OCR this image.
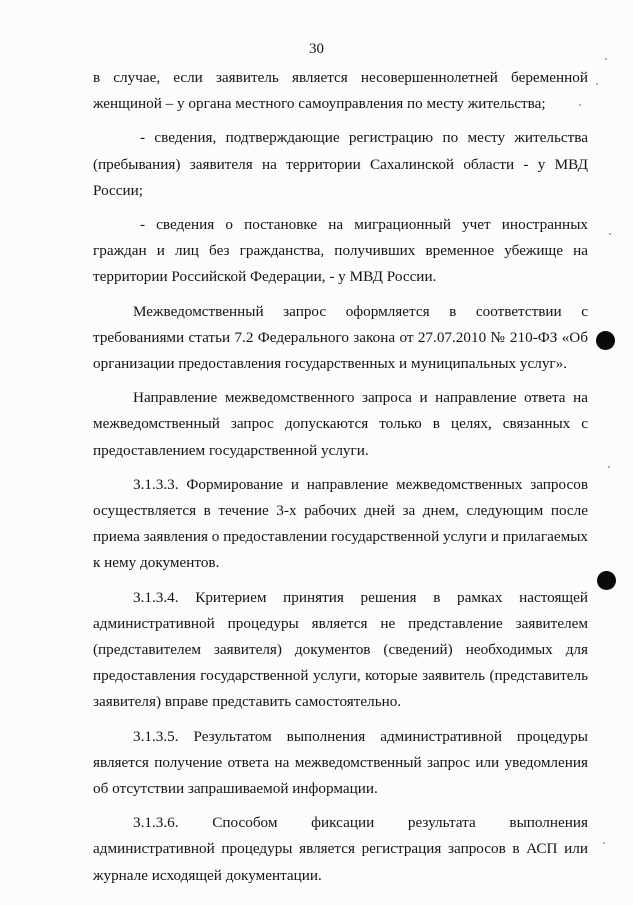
30

в случае, если заявитель является несовершеннолетней беременной женщиной – у органа местного самоуправления по месту жительства;

- сведения, подтверждающие регистрацию по месту жительства (пребывания) заявителя на территории Сахалинской области - у МВД России;

- сведения о постановке на миграционный учет иностранных граждан и лиц без гражданства, получивших временное убежище на территории Российской Федерации, - у МВД России.

Межведомственный запрос оформляется в соответствии с требованиями статьи 7.2 Федерального закона от 27.07.2010 № 210-ФЗ «Об организации предоставления государственных и муниципальных услуг».

Направление межведомственного запроса и направление ответа на межведомственный запрос допускаются только в целях, связанных с предоставлением государственной услуги.

3.1.3.3. Формирование и направление межведомственных запросов осуществляется в течение 3-х рабочих дней за днем, следующим после приема заявления о предоставлении государственной услуги и прилагаемых к нему документов.

3.1.3.4. Критерием принятия решения в рамках настоящей административной процедуры является не представление заявителем (представителем заявителя) документов (сведений) необходимых для предоставления государственной услуги, которые заявитель (представитель заявителя) вправе представить самостоятельно.

3.1.3.5. Результатом выполнения административной процедуры является получение ответа на межведомственный запрос или уведомления об отсутствии запрашиваемой информации.

3.1.3.6. Способом фиксации результата выполнения административной процедуры является регистрация запросов в АСП или журнале исходящей документации.
